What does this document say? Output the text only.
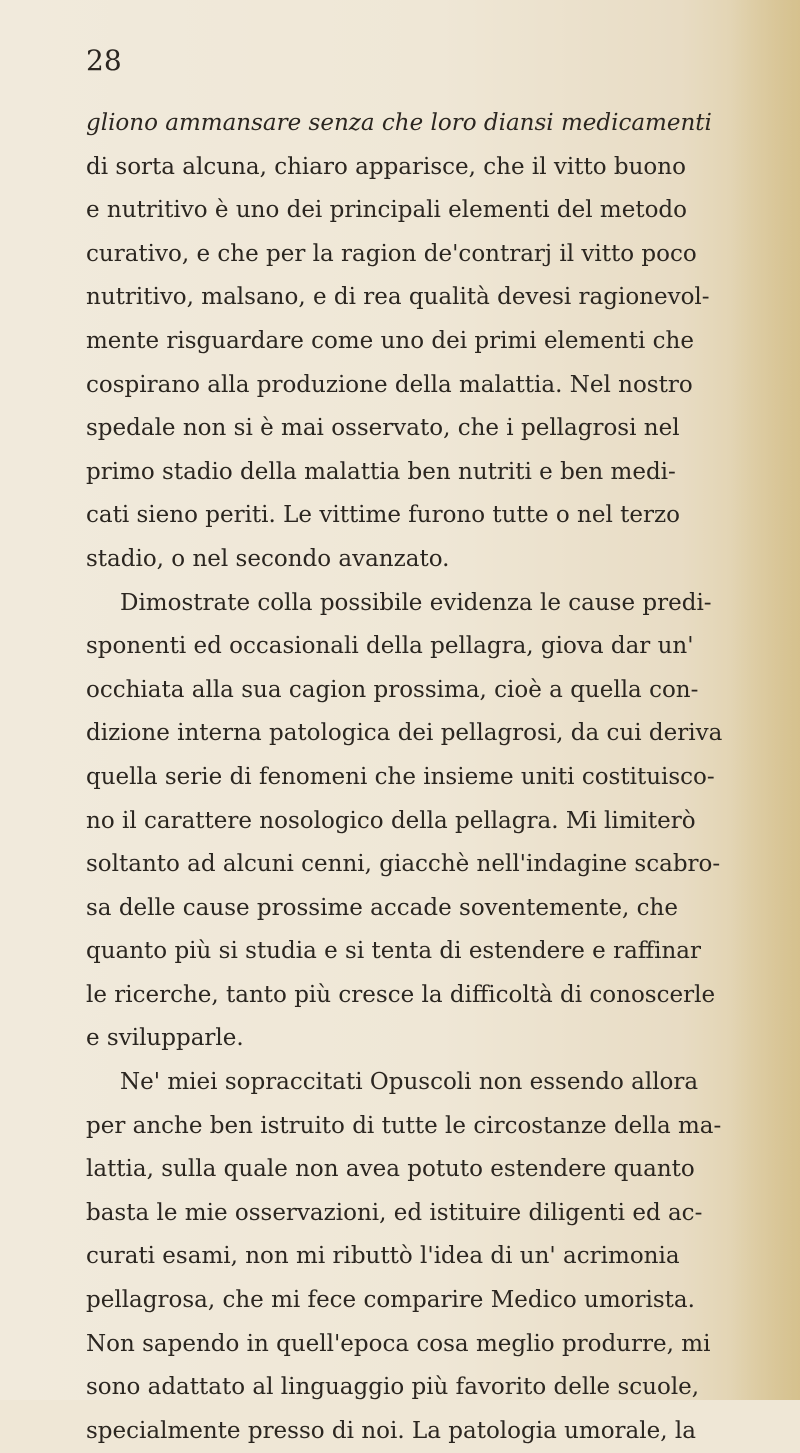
28

gliono ammansare senza che loro diansi medicamenti
di sorta alcuna, chiaro apparisce, che il vitto buono
e nutritivo è uno dei principali elementi del metodo
curativo, e che per la ragion de'contrarj il vitto poco
nutritivo, malsano, e di rea qualità devesi ragionevol-
mente risguardare come uno dei primi elementi che
cospirano alla produzione della malattia. Nel nostro
spedale non si è mai osservato, che i pellagrosi nel
primo stadio della malattia ben nutriti e ben medi-
cati sieno periti. Le vittime furono tutte o nel terzo
stadio, o nel secondo avanzato.
Dimostrate colla possibile evidenza le cause predi-
sponenti ed occasionali della pellagra, giova dar un'
occhiata alla sua cagion prossima, cioè a quella con-
dizione interna patologica dei pellagrosi, da cui deriva
quella serie di fenomeni che insieme uniti costituisco-
no il carattere nosologico della pellagra. Mi limiterò
soltanto ad alcuni cenni, giacchè nell'indagine scabro-
sa delle cause prossime accade soventemente, che
quanto più si studia e si tenta di estendere e raffinar
le ricerche, tanto più cresce la difficoltà di conoscerle
e svilupparle.
Ne' miei sopraccitati Opuscoli non essendo allora
per anche ben istruito di tutte le circostanze della ma-
lattia, sulla quale non avea potuto estendere quanto
basta le mie osservazioni, ed istituire diligenti ed ac-
curati esami, non mi ributtò l'idea di un' acrimonia
pellagrosa, che mi fece comparire Medico umorista.
Non sapendo in quell'epoca cosa meglio produrre, mi
sono adattato al linguaggio più favorito delle scuole,
specialmente presso di noi. La patologia umorale, la
